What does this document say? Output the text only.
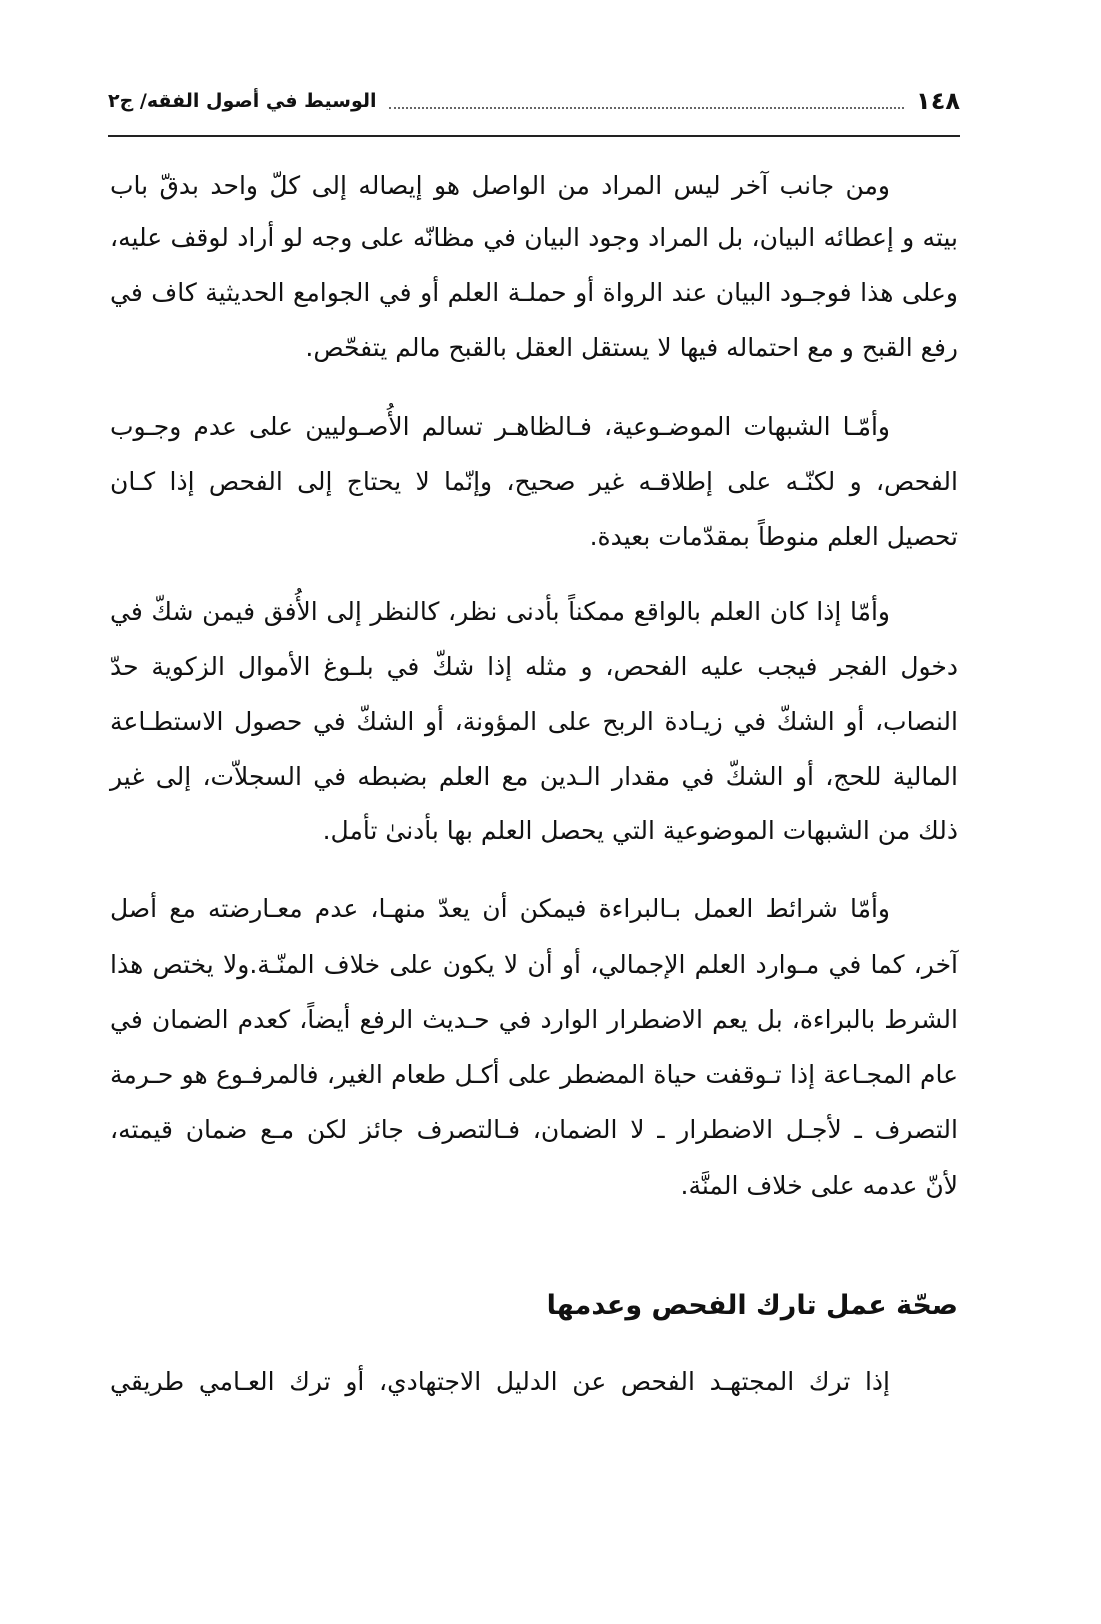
١٤٨
الوسيط في أصول الفقه/ ج٢
ومن جانب آخر ليس المراد من الواصل هو إيصاله إلى كلّ واحد بدقّ باب
بيته و إعطائه البيان، بل المراد وجود البيان في مظانّه على وجه لو أراد لوقف عليه،
وعلى هذا فوجـود البيان عند الرواة أو حملـة العلم أو في الجوامع الحديثية كاف في
رفع القبح و مع احتماله فيها لا يستقل العقل بالقبح مالم يتفحّص.
وأمّـا الشبهات الموضـوعية، فـالظاهـر تسالم الأُصـوليين على عدم وجـوب
الفحص، و لكنّـه على إطلاقـه غير صحيح، وإنّما لا يحتاج إلى الفحص إذا كـان
تحصيل العلم منوطاً بمقدّمات بعيدة.
وأمّا إذا كان العلم بالواقع ممكناً بأدنى نظر، كالنظر إلى الأُفق فيمن شكّ في
دخول الفجر فيجب عليه الفحص، و مثله إذا شكّ في بلـوغ الأموال الزكوية حدّ
النصاب، أو الشكّ في زيـادة الربح على المؤونة، أو الشكّ في حصول الاستطـاعة
المالية للحج، أو الشكّ في مقدار الـدين مع العلم بضبطه في السجلاّت، إلى غير
ذلك من الشبهات الموضوعية التي يحصل العلم بها بأدنىٰ تأمل.
وأمّا شرائط العمل بـالبراءة فيمكن أن يعدّ منهـا، عدم معـارضته مع أصل
آخر، كما في مـوارد العلم الإجمالي، أو أن لا يكون على خلاف المنّـة.ولا يختص هذا
الشرط بالبراءة، بل يعم الاضطرار الوارد في حـديث الرفع أيضاً، كعدم الضمان في
عام المجـاعة إذا تـوقفت حياة المضطر على أكـل طعام الغير، فالمرفـوع هو حـرمة
التصرف ـ لأجـل الاضطرار ـ لا الضمان، فـالتصرف جائز لكن مـع ضمان قيمته،
لأنّ عدمه على خلاف المنَّة.
صحّة عمل تارك الفحص وعدمها
إذا ترك المجتهـد الفحص عن الدليل الاجتهادي، أو ترك العـامي طريقي
